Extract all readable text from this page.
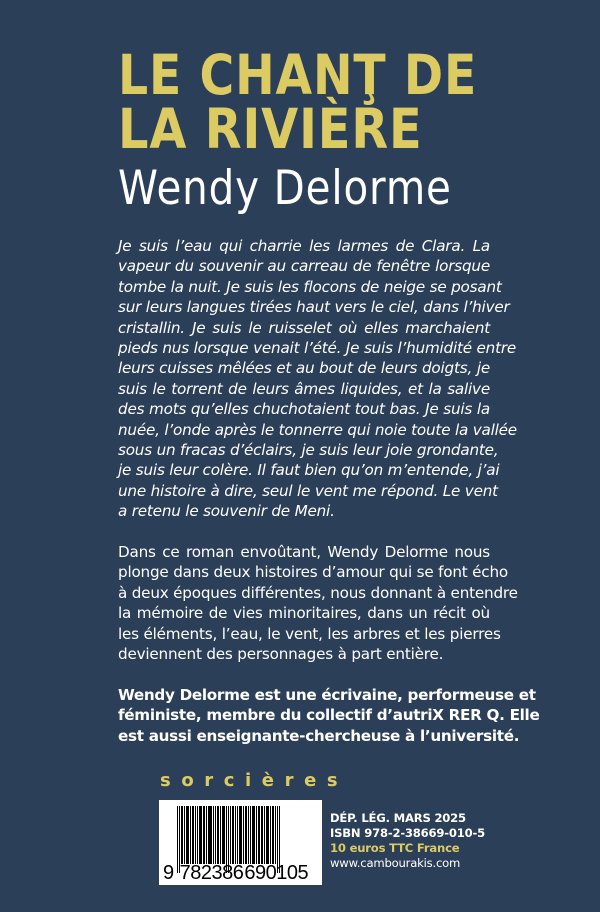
LE CHANŢ DE
LA RIVIÈRE
Wendy Delorme
Je suis l’eau qui charrie les larmes de Clara. La
vapeur du souvenir au carreau de fenêtre lorsque
tombe la nuit. Je suis les flocons de neige se posant
sur leurs langues tirées haut vers le ciel, dans l’hiver
cristallin. Je suis le ruisselet où elles marchaient
pieds nus lorsque venait l’été. Je suis l’humidité entre
leurs cuisses mêlées et au bout de leurs doigts, je
suis le torrent de leurs âmes liquides, et la salive
des mots qu’elles chuchotaient tout bas. Je suis la
nuée, l’onde après le tonnerre qui noie toute la vallée
sous un fracas d’éclairs, je suis leur joie grondante,
je suis leur colère. Il faut bien qu’on m’entende, j’ai
une histoire à dire, seul le vent me répond. Le vent
a retenu le souvenir de Meni.
Dans ce roman envoûtant, Wendy Delorme nous
plonge dans deux histoires d’amour qui se font écho
à deux époques différentes, nous donnant à entendre
la mémoire de vies minoritaires, dans un récit où
les éléments, l’eau, le vent, les arbres et les pierres
deviennent des personnages à part entière.
Wendy Delorme est une écrivaine, performeuse et
féministe, membre du collectif d’autriX RER Q. Elle
est aussi enseignante-chercheuse à l’université.
sorcières
9 782386690105
DÉP. LÉG. MARS 2025
ISBN 978-2-38669-010-5
10 euros TTC France
www.cambourakis.com
